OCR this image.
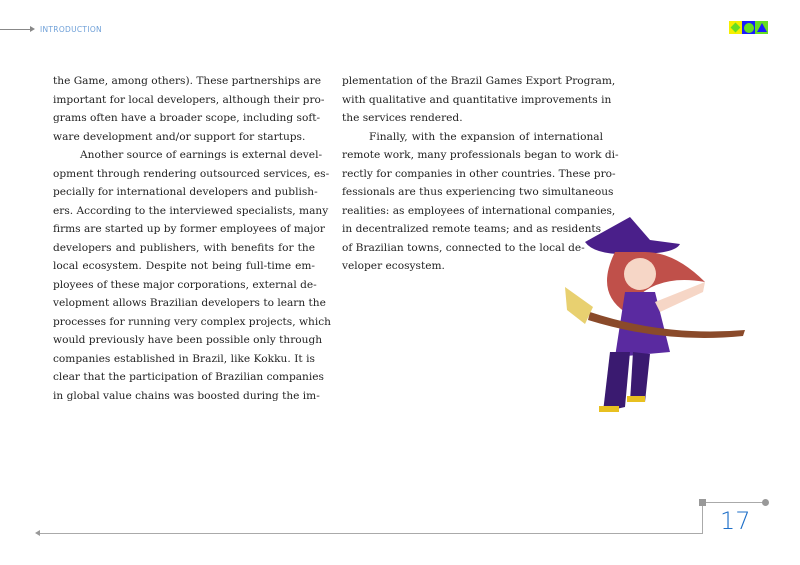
INTRODUCTION
the Game, among others). These partnerships are
important for local developers, although their pro-
grams often have a broader scope, including soft-
ware development and/or support for startups.
Another source of earnings is external devel-
opment through rendering outsourced services, es-
pecially for international developers and publish-
ers. According to the interviewed specialists, many
firms are started up by former employees of major
developers and publishers, with benefits for the
local ecosystem. Despite not being full-time em-
ployees of these major corporations, external de-
velopment allows Brazilian developers to learn the
processes for running very complex projects, which
would previously have been possible only through
companies established in Brazil, like Kokku. It is
clear that the participation of Brazilian companies
in global value chains was boosted during the im-
plementation of the Brazil Games Export Program,
with qualitative and quantitative improvements in
the services rendered.
Finally, with the expansion of international
remote work, many professionals began to work di-
rectly for companies in other countries. These pro-
fessionals are thus experiencing two simultaneous
realities: as employees of international companies,
in decentralized remote teams; and as residents
of Brazilian towns, connected to the local de-
veloper ecosystem.
17
